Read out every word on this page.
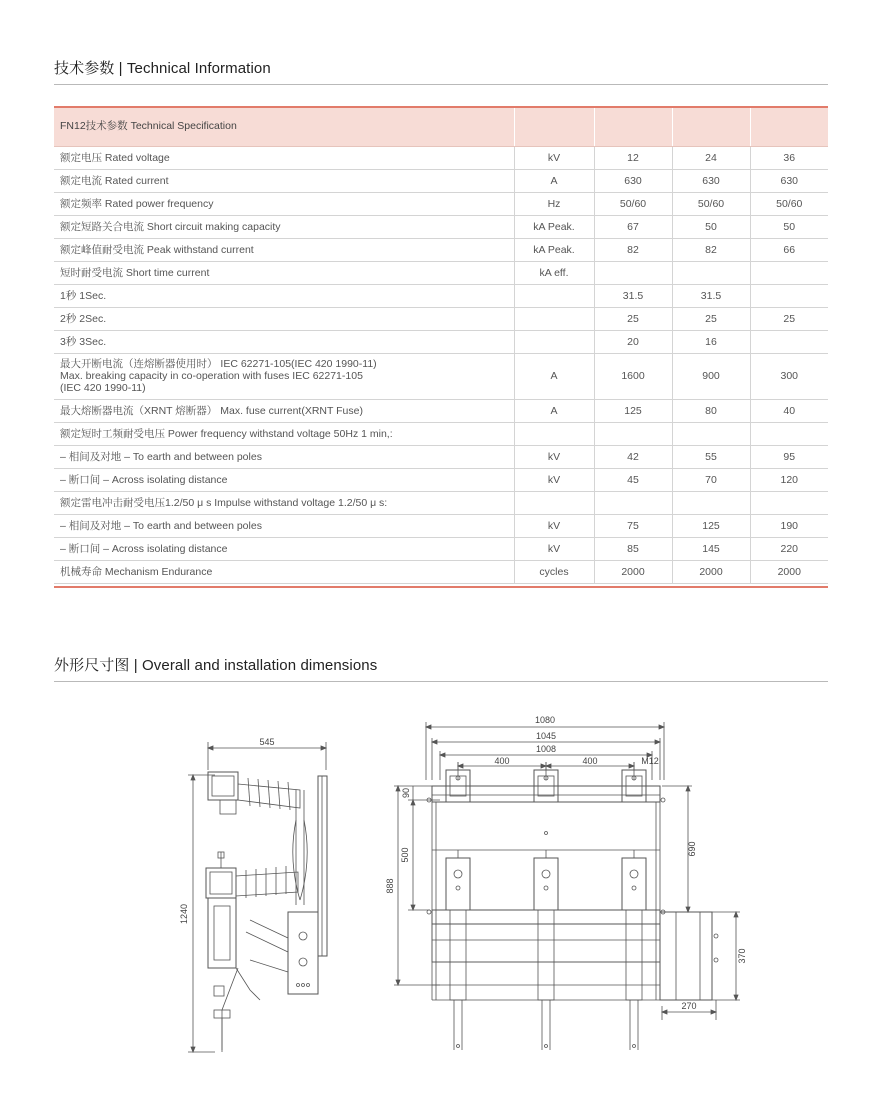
技术参数 | Technical Information
FN12技术参数 Technical Specification				
额定电压 Rated voltage	kV	12	24	36
额定电流 Rated current	A	630	630	630
额定频率 Rated power frequency	Hz	50/60	50/60	50/60
额定短路关合电流 Short circuit making capacity	kA Peak.	67	50	50
额定峰值耐受电流 Peak withstand current	kA Peak.	82	82	66
短时耐受电流 Short time current	kA eff.			
1秒 1Sec.		31.5	31.5	
2秒 2Sec.		25	25	25
3秒 3Sec.		20	16	

最大开断电流（连熔断器使用时） IEC 62271-105(IEC 420 1990-11)
Max. breaking capacity in co-operation with fuses IEC 62271-105
(IEC 420 1990-11)	A	1600	900	300
最大熔断器电流（XRNT 熔断器） Max. fuse current(XRNT Fuse)	A	125	80	40
额定短时工频耐受电压 Power frequency withstand voltage 50Hz 1 min,:				
– 相间及对地 – To earth and between poles	kV	42	55	95
– 断口间 – Across isolating distance	kV	45	70	120
额定雷电冲击耐受电压1.2/50 μ s Impulse withstand voltage 1.2/50 μ s:				
– 相间及对地 – To earth and between poles	kV	75	125	190
– 断口间 – Across isolating distance	kV	85	145	220
机械寿命 Mechanism Endurance	cycles	2000	2000	2000
外形尺寸图 | Overall and installation dimensions
545
1240
1080
1045
1008
400	400	M12
90
500
888
690
370
270
